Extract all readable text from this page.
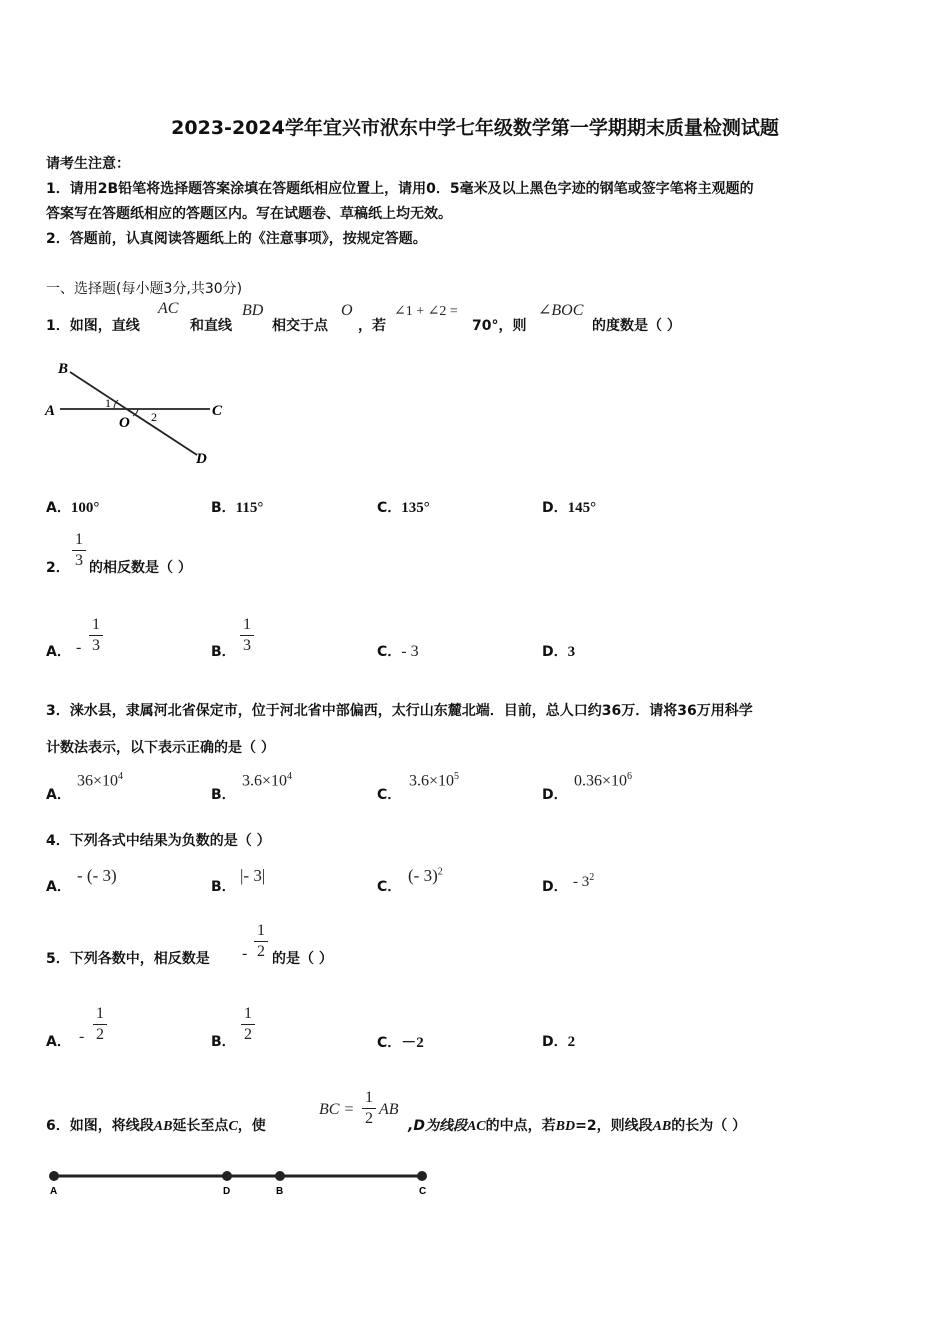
2023-2024学年宜兴市洑东中学七年级数学第一学期期末质量检测试题
请考生注意：
1．请用2B铅笔将选择题答案涂填在答题纸相应位置上，请用0．5毫米及以上黑色字迹的钢笔或签字笔将主观题的
答案写在答题纸相应的答题区内。写在试题卷、草稿纸上均无效。
2．答题前，认真阅读答题纸上的《注意事项》，按规定答题。
一、选择题(每小题3分,共30分)
1．如图，直线
AC
和直线
BD
相交于点
O
，若
∠1 + ∠2 =
70°，则
∠BOC
的度数是（ ）
B
A	C
O
D
1
2
A．100°	B．115°	C．135°	D．145°
2．
1
3 的相反数是（ ）
A． -
1
3	B．
1
3	C．- 3	D．3
3．涞水县，隶属河北省保定市，位于河北省中部偏西，太行山东麓北端．目前，总人口约36万．请将36万用科学
计数法表示，以下表示正确的是（ ）
A．
$36\times 10^4$
B．
$3.6\times 10^4$
C．
$3.6\times 10^5$
D．
$0.36\times 10^6$
4．下列各式中结果为负数的是（ ）
A．
- (- 3)
B．
|- 3|
C．
(- 3)$^2$
D． - $3^2$
5．下列各数中，相反数是 -
1
2 的是（ ）
A． -
1
2	B．
1
2	C．－2	D．2
6．如图，将线段AB延长至点C，使
BC =
1
2
AB
,D为线段AC的中点，若BD=2，则线段AB的长为（ ）
A	D	B	C
